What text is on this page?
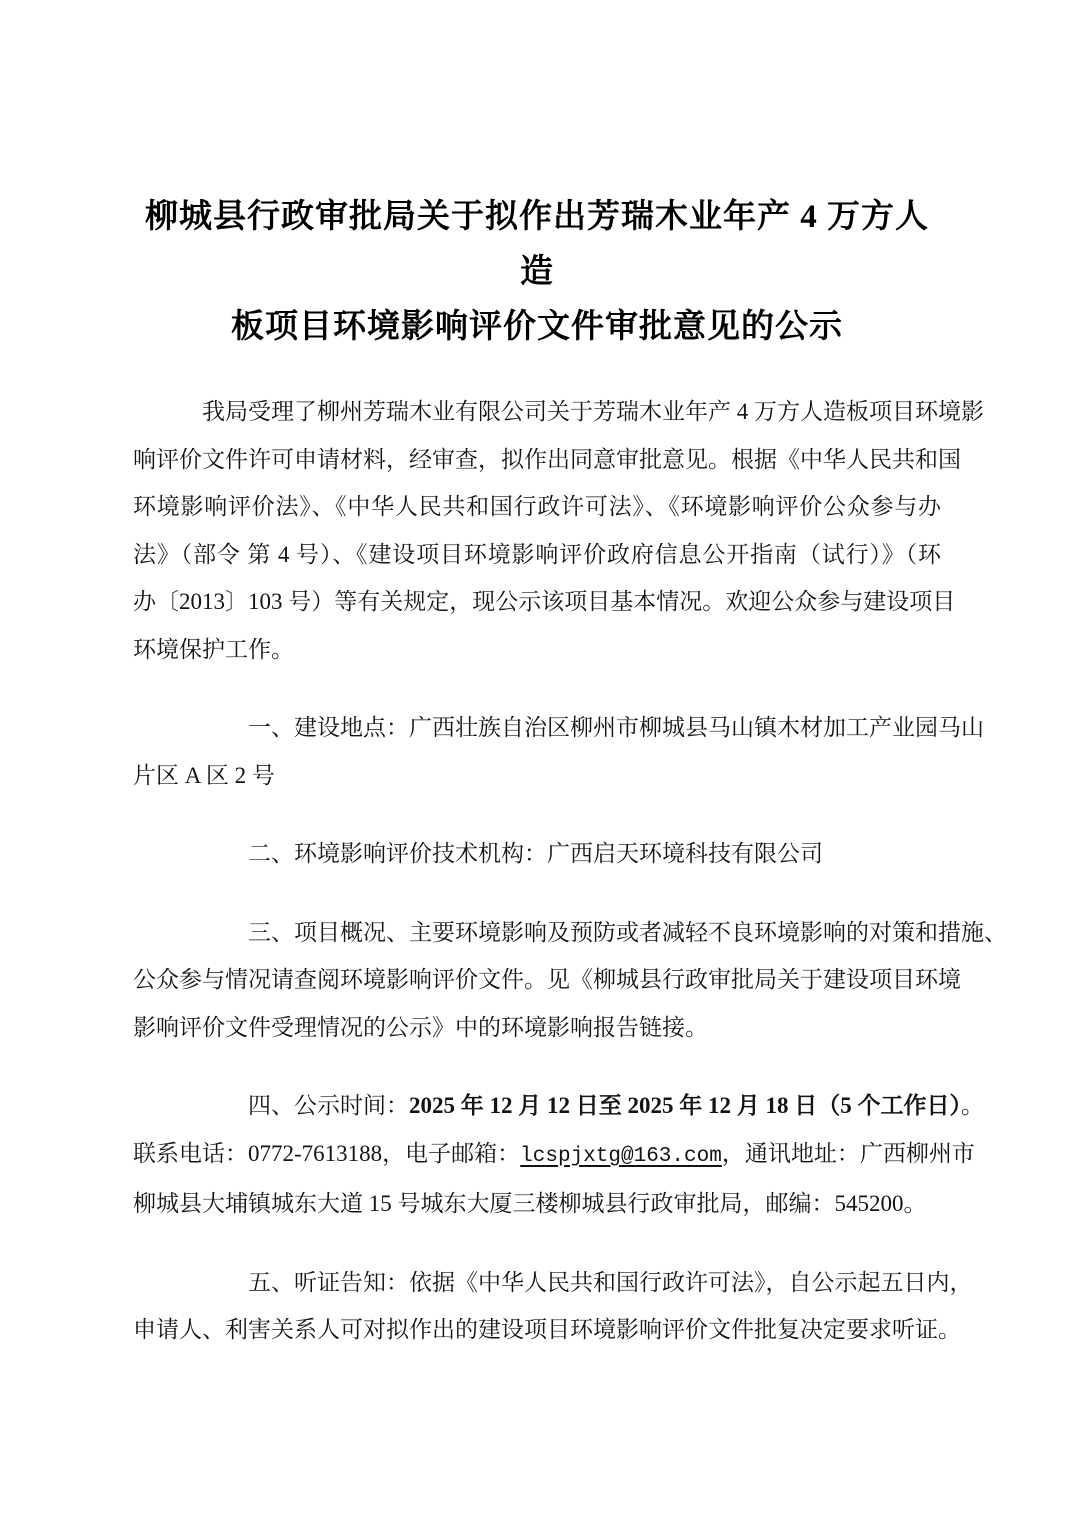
柳城县行政审批局关于拟作出芳瑞木业年产 4 万方人造
板项目环境影响评价文件审批意见的公示
我局受理了柳州芳瑞木业有限公司关于芳瑞木业年产 4 万方人造板项目环境影
响评价文件许可申请材料，经审查，拟作出同意审批意见。根据《中华人民共和国
环境影响评价法》、《中华人民共和国行政许可法》、《环境影响评价公众参与办
法》（部令 第 4 号）、《建设项目环境影响评价政府信息公开指南（试行）》（环
办〔2013〕103 号）等有关规定，现公示该项目基本情况。欢迎公众参与建设项目
环境保护工作。
一、建设地点：广西壮族自治区柳州市柳城县马山镇木材加工产业园马山
片区 A 区 2 号
二、环境影响评价技术机构：广西启天环境科技有限公司
三、项目概况、主要环境影响及预防或者减轻不良环境影响的对策和措施、
公众参与情况请查阅环境影响评价文件。见《柳城县行政审批局关于建设项目环境
影响评价文件受理情况的公示》中的环境影响报告链接。
四、公示时间：2025 年 12 月 12 日至 2025 年 12 月 18 日（5 个工作日）。
联系电话：0772-7613188，电子邮箱：lcspjxtg@163.com，通讯地址：广西柳州市
柳城县大埔镇城东大道 15 号城东大厦三楼柳城县行政审批局，邮编：545200。
五、听证告知：依据《中华人民共和国行政许可法》，自公示起五日内，
申请人、利害关系人可对拟作出的建设项目环境影响评价文件批复决定要求听证。
